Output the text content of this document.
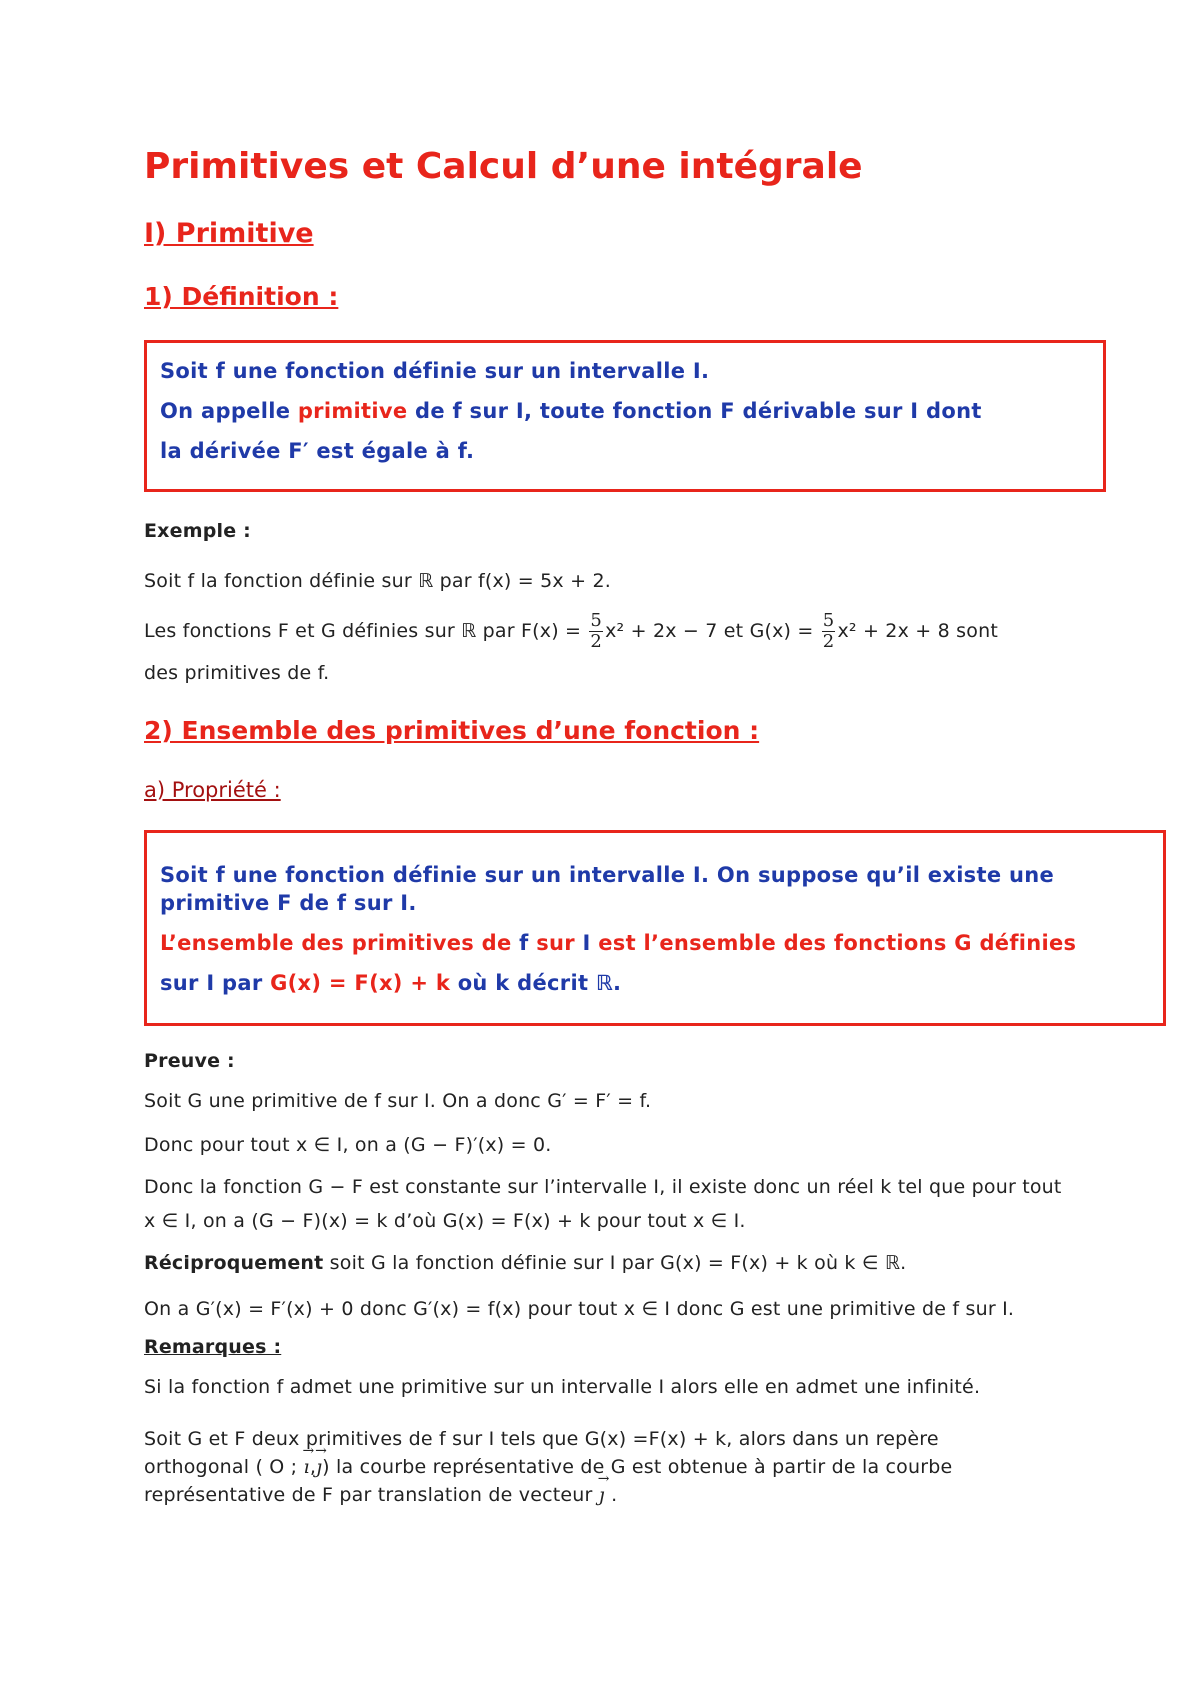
Primitives et Calcul d’une intégrale
I) Primitive
1) Définition :
Soit f une fonction définie sur un intervalle I.
On appelle primitive de f sur I, toute fonction F dérivable sur I dont
la dérivée F′ est égale à f.
Exemple :
Soit f la fonction définie sur ℝ par f(x) = 5x + 2.
Les fonctions F et G définies sur ℝ par $F(x) = \frac{5}{2} x^2 + 2x - 7$ et $G(x) = \frac{5}{2} x^2 + 2x + 8$ sont
des primitives de f.
2) Ensemble des primitives d’une fonction :
a) Propriété :
Soit f une fonction définie sur un intervalle I. On suppose qu’il existe une
primitive F de f sur I.
L’ensemble des primitives de f sur I est l’ensemble des fonctions G définies
sur I par G(x) = F(x) + k où k décrit ℝ.
Preuve :
Soit G une primitive de f sur I. On a donc G′ = F′ = f.
Donc pour tout x ∈ I, on a (G − F)′(x) = 0.
Donc la fonction G − F est constante sur l’intervalle I, il existe donc un réel k tel que pour tout
x ∈ I, on a (G − F)(x) = k d’où G(x) = F(x) + k pour tout x ∈ I.
Réciproquement soit G la fonction définie sur I par G(x) = F(x) + k où k ∈ ℝ.
On a G′(x) = F′(x) + 0 donc G′(x) = f(x) pour tout x ∈ I donc G est une primitive de f sur I.
Remarques :
Si la fonction f admet une primitive sur un intervalle I alors elle en admet une infinité.
Soit G et F deux primitives de f sur I tels que G(x) =F(x) + k, alors dans un repère
orthogonal ( O ; → ı,→ ȷ) la courbe représentative de G est obtenue à partir de la courbe
représentative de F par translation de vecteur → ȷ .
